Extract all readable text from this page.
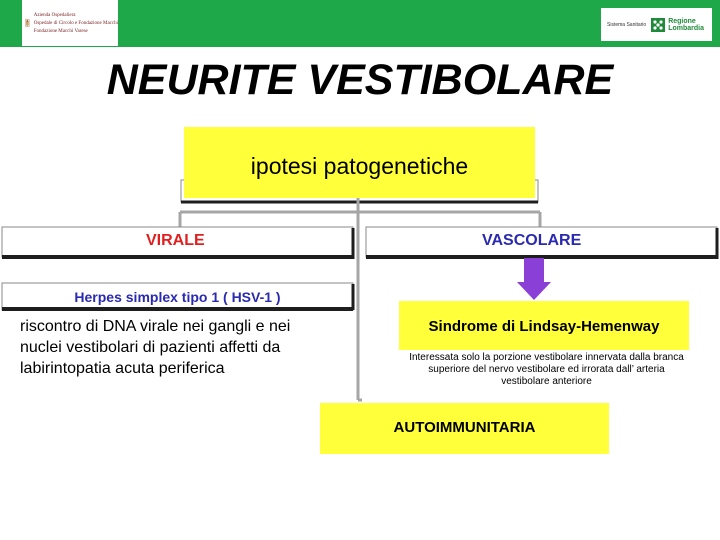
Azienda Ospedaliera
Ospedale di Circolo e Fondazione Macchi
Fondazione Macchi Varese
Sistema Sanitario	Regione
Lombardia
NEURITE VESTIBOLARE
ipotesi patogenetiche
VIRALE	VASCOLARE
Herpes simplex tipo 1 ( HSV-1 )

riscontro di DNA virale nei gangli e nei nuclei vestibolari di pazienti affetti da labirintopatia acuta periferica

Sindrome di Lindsay-Hemenway

Interessata solo la porzione vestibolare innervata dalla branca superiore del nervo vestibolare ed irrorata dall’ arteria vestibolare anteriore

AUTOIMMUNITARIA
